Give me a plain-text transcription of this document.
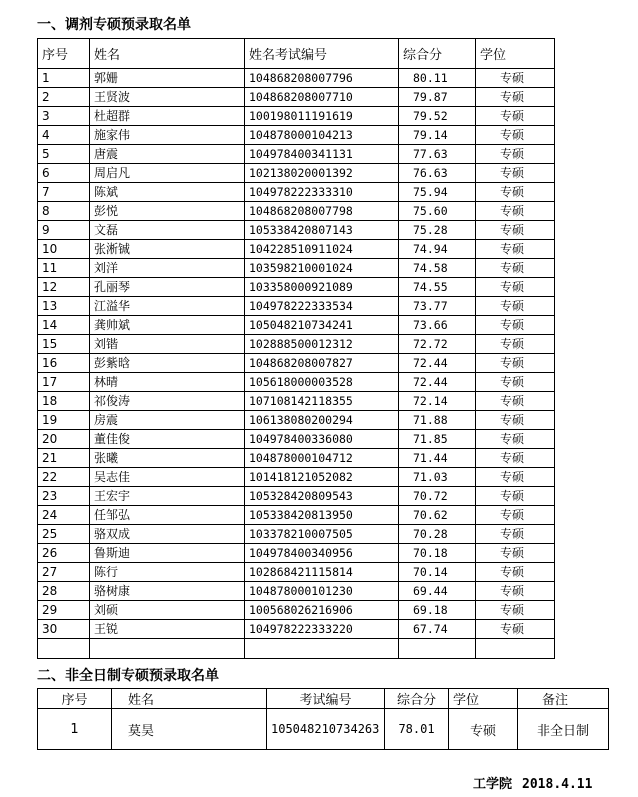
一、调剂专硕预录取名单
序号	姓名	姓名考试编号	综合分	学位
1	郭姗	104868208007796	80.11	专硕
2	王贤波	104868208007710	79.87	专硕
3	杜超群	100198011191619	79.52	专硕
4	施家伟	104878000104213	79.14	专硕
5	唐震	104978400341131	77.63	专硕
6	周启凡	102138020001392	76.63	专硕
7	陈斌	104978222333310	75.94	专硕
8	彭悦	104868208007798	75.60	专硕
9	文磊	105338420807143	75.28	专硕
10	张淅铖	104228510911024	74.94	专硕
11	刘洋	103598210001024	74.58	专硕
12	孔丽琴	103358000921089	74.55	专硕
13	江溢华	104978222333534	73.77	专硕
14	龚帅斌	105048210734241	73.66	专硕
15	刘锴	102888500012312	72.72	专硕
16	彭紫晗	104868208007827	72.44	专硕
17	林晴	105618000003528	72.44	专硕
18	祁俊涛	107108142118355	72.14	专硕
19	房震	106138080200294	71.88	专硕
20	董佳俊	104978400336080	71.85	专硕
21	张曦	104878000104712	71.44	专硕
22	吴志佳	101418121052082	71.03	专硕
23	王宏宇	105328420809543	70.72	专硕
24	任邹弘	105338420813950	70.62	专硕
25	骆双成	103378210007505	70.28	专硕
26	鲁斯迪	104978400340956	70.18	专硕
27	陈行	102868421115814	70.14	专硕
28	骆树康	104878000101230	69.44	专硕
29	刘硕	100568026216906	69.18	专硕
30	王锐	104978222333220	67.74	专硕

二、非全日制专硕预录取名单
序号	姓名	考试编号	综合分	学位	备注
1	莫昊	105048210734263	78.01	专硕	非全日制
工学院 2018.4.11
